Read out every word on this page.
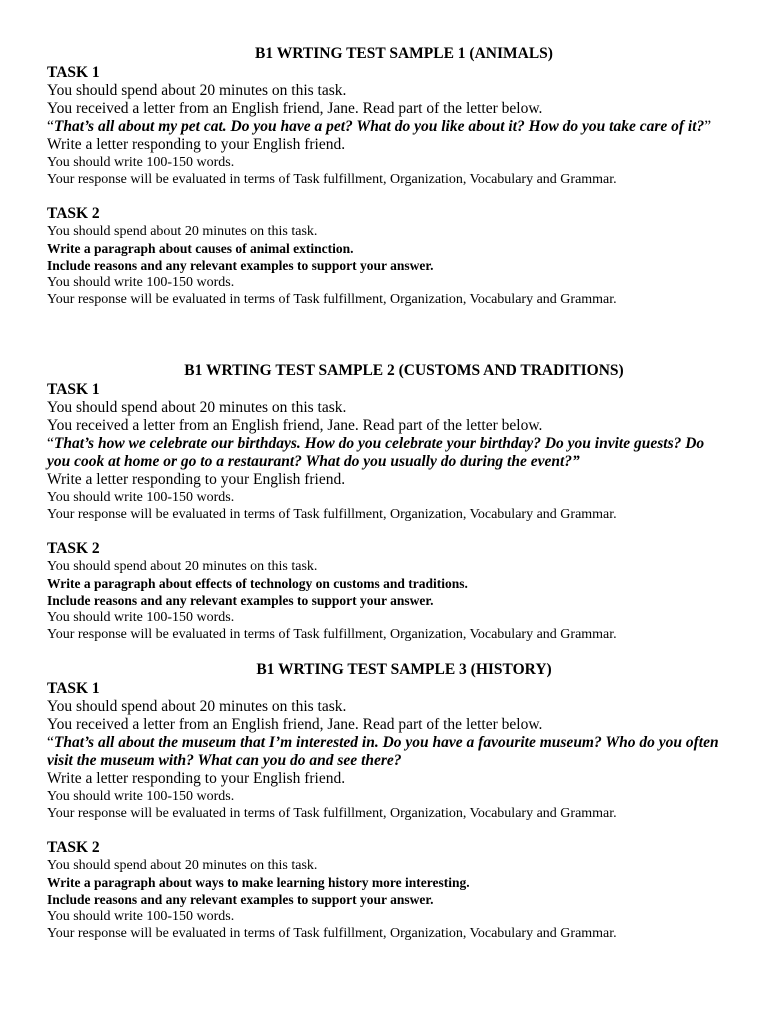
B1 WRTING TEST SAMPLE 1 (ANIMALS)
TASK 1
You should spend about 20 minutes on this task.
You received a letter from an English friend, Jane. Read part of the letter below.
“That’s all about my pet cat. Do you have a pet? What do you like about it? How do you take care of it?”
Write a letter responding to your English friend.
You should write 100-150 words.
Your response will be evaluated in terms of Task fulfillment, Organization, Vocabulary and Grammar.
TASK 2
You should spend about 20 minutes on this task.
Write a paragraph about causes of animal extinction.
Include reasons and any relevant examples to support your answer.
You should write 100-150 words.
Your response will be evaluated in terms of Task fulfillment, Organization, Vocabulary and Grammar.
B1 WRTING TEST SAMPLE 2 (CUSTOMS AND TRADITIONS)
TASK 1
You should spend about 20 minutes on this task.
You received a letter from an English friend, Jane. Read part of the letter below.
“That’s how we celebrate our birthdays. How do you celebrate your birthday? Do you invite guests? Do you cook at home or go to a restaurant? What do you usually do during the event?”
Write a letter responding to your English friend.
You should write 100-150 words.
Your response will be evaluated in terms of Task fulfillment, Organization, Vocabulary and Grammar.
TASK 2
You should spend about 20 minutes on this task.
Write a paragraph about effects of technology on customs and traditions.
Include reasons and any relevant examples to support your answer.
You should write 100-150 words.
Your response will be evaluated in terms of Task fulfillment, Organization, Vocabulary and Grammar.
B1 WRTING TEST SAMPLE 3 (HISTORY)
TASK 1
You should spend about 20 minutes on this task.
You received a letter from an English friend, Jane. Read part of the letter below.
“That’s all about the museum that I’m interested in. Do you have a favourite museum? Who do you often visit the museum with? What can you do and see there?
Write a letter responding to your English friend.
You should write 100-150 words.
Your response will be evaluated in terms of Task fulfillment, Organization, Vocabulary and Grammar.
TASK 2
You should spend about 20 minutes on this task.
Write a paragraph about ways to make learning history more interesting.
Include reasons and any relevant examples to support your answer.
You should write 100-150 words.
Your response will be evaluated in terms of Task fulfillment, Organization, Vocabulary and Grammar.
